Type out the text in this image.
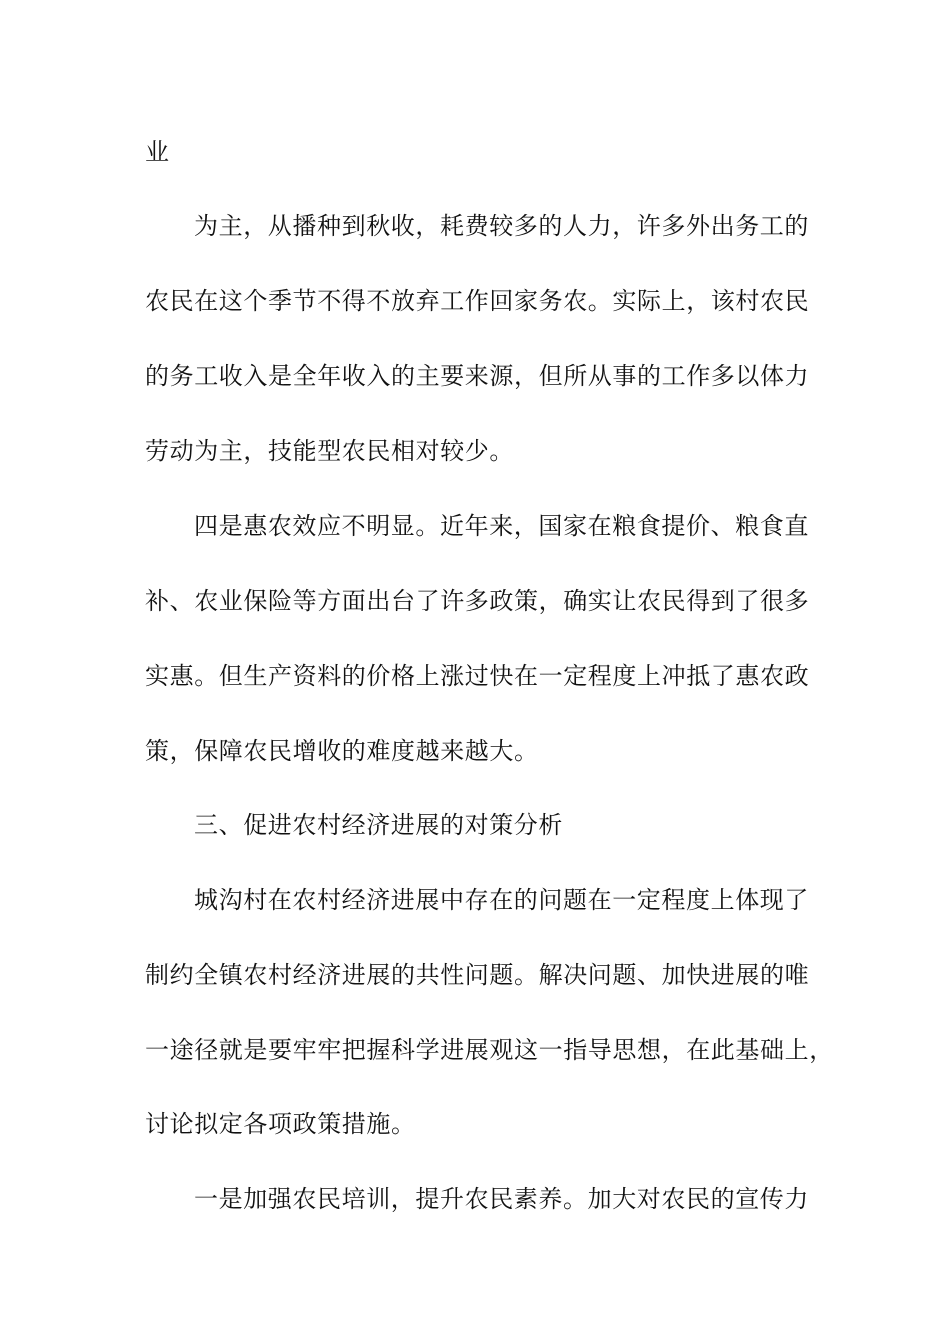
业
为主，从播种到秋收，耗费较多的人力，许多外出务工的
农民在这个季节不得不放弃工作回家务农。实际上，该村农民
的务工收入是全年收入的主要来源，但所从事的工作多以体力
劳动为主，技能型农民相对较少。
四是惠农效应不明显。近年来，国家在粮食提价、粮食直
补、农业保险等方面出台了许多政策，确实让农民得到了很多
实惠。但生产资料的价格上涨过快在一定程度上冲抵了惠农政
策，保障农民增收的难度越来越大。
三、促进农村经济进展的对策分析
城沟村在农村经济进展中存在的问题在一定程度上体现了
制约全镇农村经济进展的共性问题。解决问题、加快进展的唯
一途径就是要牢牢把握科学进展观这一指导思想，在此基础上，
讨论拟定各项政策措施。
一是加强农民培训，提升农民素养。加大对农民的宣传力
